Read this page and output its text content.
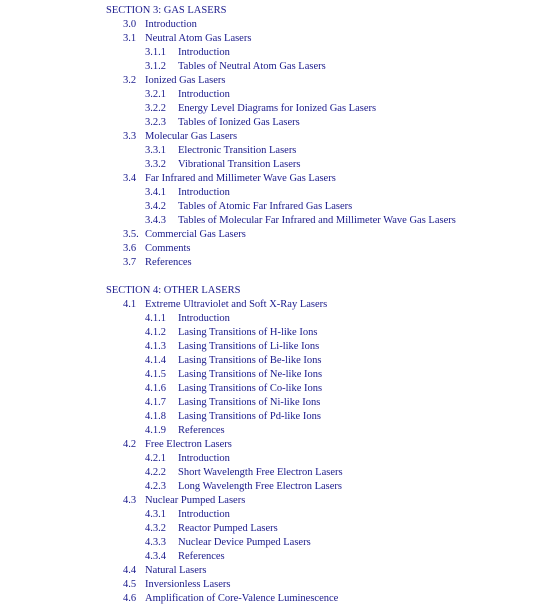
SECTION 3: GAS LASERS
3.0 Introduction
3.1 Neutral Atom Gas Lasers
3.1.1 Introduction
3.1.2 Tables of Neutral Atom Gas Lasers
3.2 Ionized Gas Lasers
3.2.1 Introduction
3.2.2 Energy Level Diagrams for Ionized Gas Lasers
3.2.3 Tables of Ionized Gas Lasers
3.3 Molecular Gas Lasers
3.3.1 Electronic Transition Lasers
3.3.2 Vibrational Transition Lasers
3.4 Far Infrared and Millimeter Wave Gas Lasers
3.4.1 Introduction
3.4.2 Tables of Atomic Far Infrared Gas Lasers
3.4.3 Tables of Molecular Far Infrared and Millimeter Wave Gas Lasers
3.5. Commercial Gas Lasers
3.6 Comments
3.7 References
SECTION 4: OTHER LASERS
4.1 Extreme Ultraviolet and Soft X-Ray Lasers
4.1.1 Introduction
4.1.2 Lasing Transitions of H-like Ions
4.1.3 Lasing Transitions of Li-like Ions
4.1.4 Lasing Transitions of Be-like Ions
4.1.5 Lasing Transitions of Ne-like Ions
4.1.6 Lasing Transitions of Co-like Ions
4.1.7 Lasing Transitions of Ni-like Ions
4.1.8 Lasing Transitions of Pd-like Ions
4.1.9 References
4.2 Free Electron Lasers
4.2.1 Introduction
4.2.2 Short Wavelength Free Electron Lasers
4.2.3 Long Wavelength Free Electron Lasers
4.3 Nuclear Pumped Lasers
4.3.1 Introduction
4.3.2 Reactor Pumped Lasers
4.3.3 Nuclear Device Pumped Lasers
4.3.4 References
4.4 Natural Lasers
4.5 Inversionless Lasers
4.6 Amplification of Core-Valence Luminescence
